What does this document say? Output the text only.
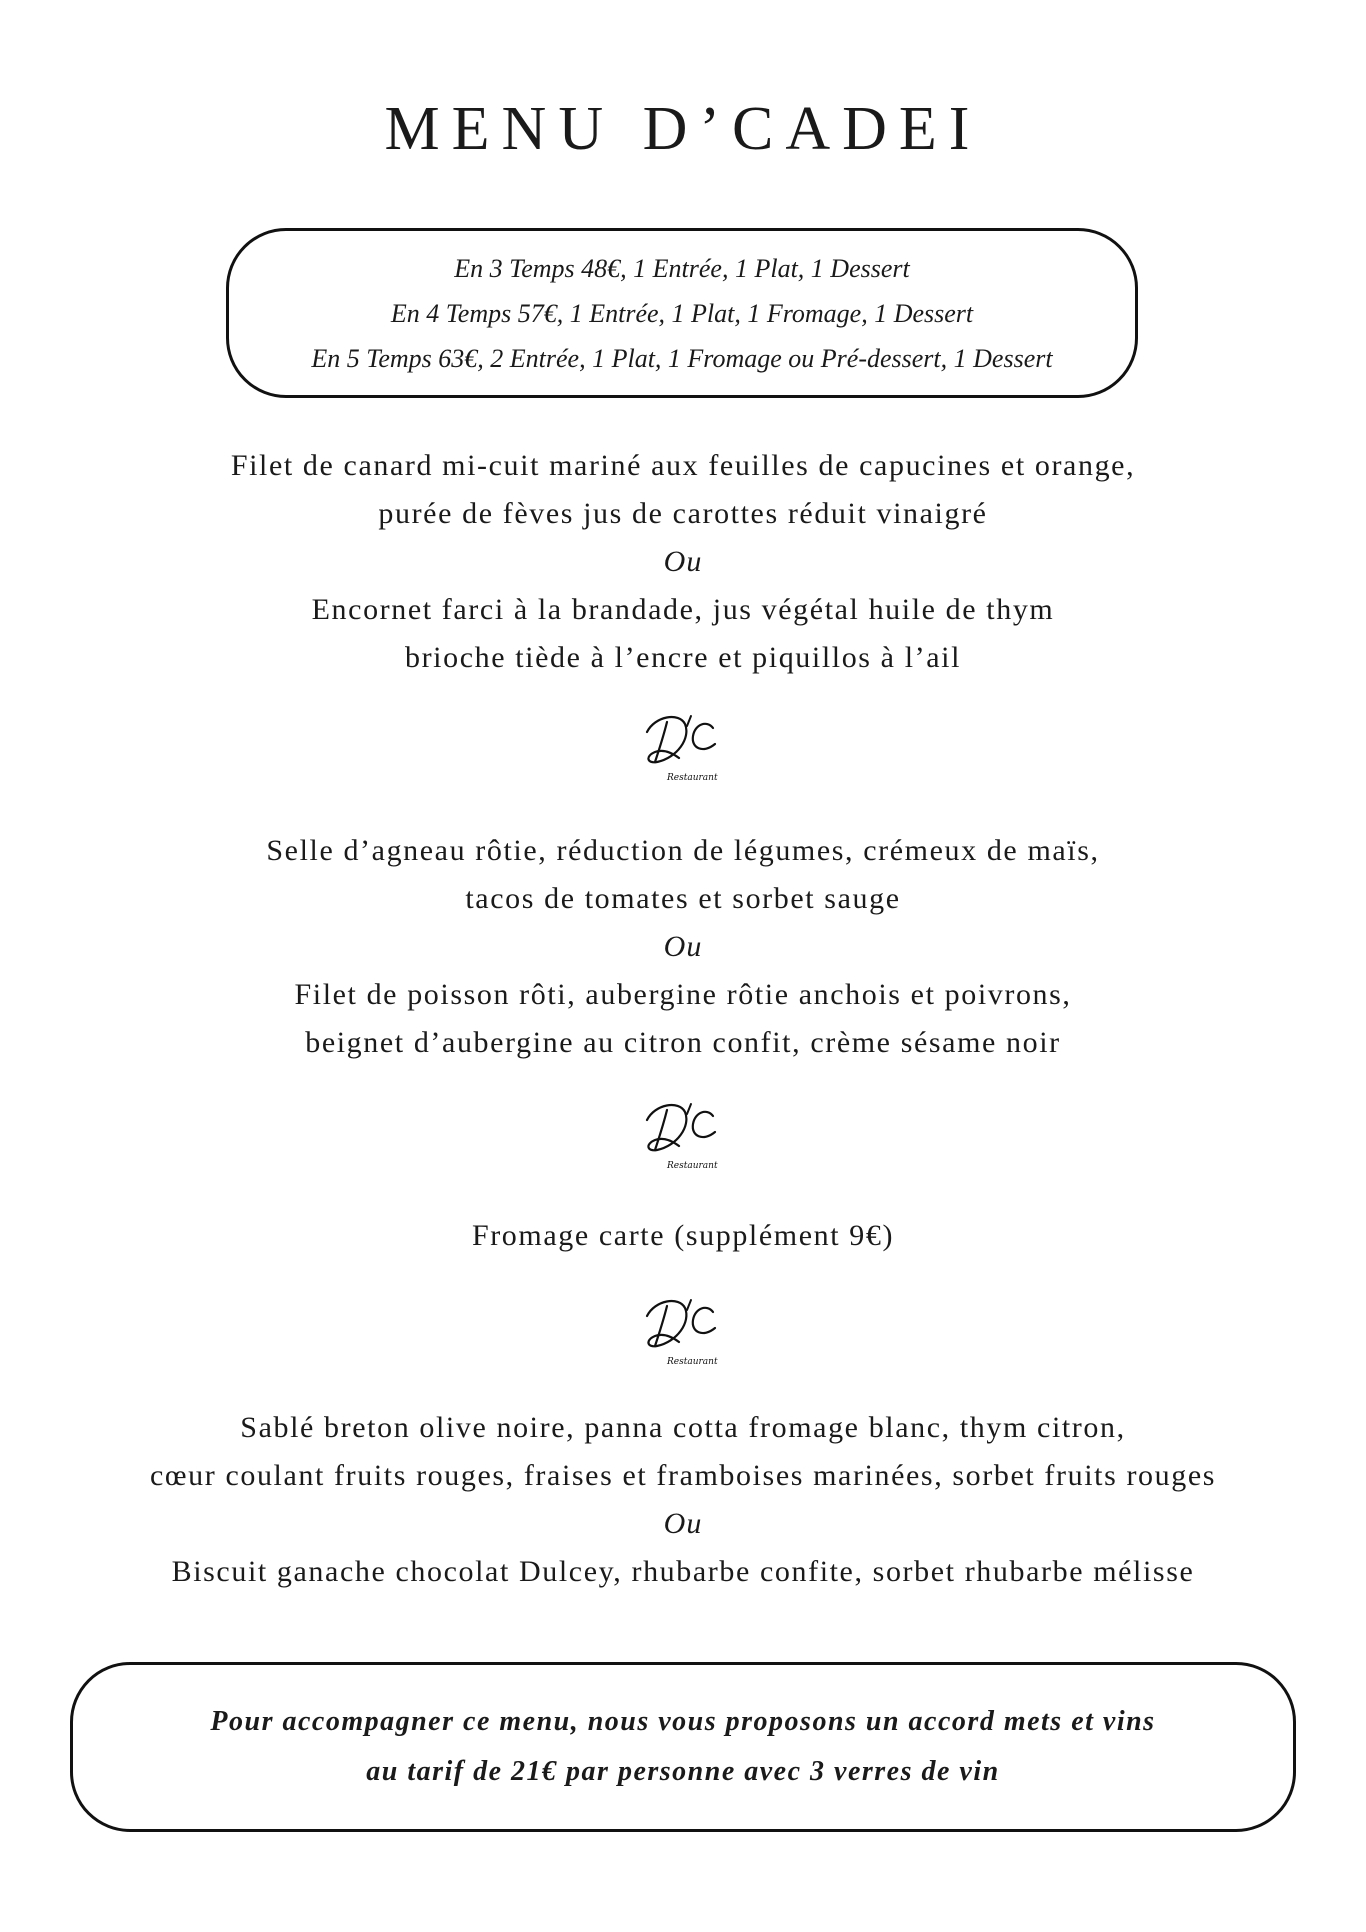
MENU D’CADEI
En 3 Temps 48€, 1 Entrée, 1 Plat, 1 Dessert
En 4 Temps 57€, 1 Entrée, 1 Plat, 1 Fromage, 1 Dessert
En 5 Temps 63€, 2 Entrée, 1 Plat, 1 Fromage ou Pré-dessert, 1 Dessert
Filet de canard mi-cuit mariné aux feuilles de capucines et orange,
purée de fèves jus de carottes réduit vinaigré
Ou
Encornet farci à la brandade, jus végétal huile de thym
brioche tiède à l’encre et piquillos à l’ail
Restaurant
Selle d’agneau rôtie, réduction de légumes, crémeux de maïs,
tacos de tomates et sorbet sauge
Ou
Filet de poisson rôti, aubergine rôtie anchois et poivrons,
beignet d’aubergine au citron confit, crème sésame noir
Restaurant
Fromage carte (supplément 9€)
Restaurant
Sablé breton olive noire, panna cotta fromage blanc, thym citron,
cœur coulant fruits rouges, fraises et framboises marinées, sorbet fruits rouges
Ou
Biscuit ganache chocolat Dulcey, rhubarbe confite, sorbet rhubarbe mélisse
Pour accompagner ce menu, nous vous proposons un accord mets et vins
au tarif de 21€ par personne avec 3 verres de vin
